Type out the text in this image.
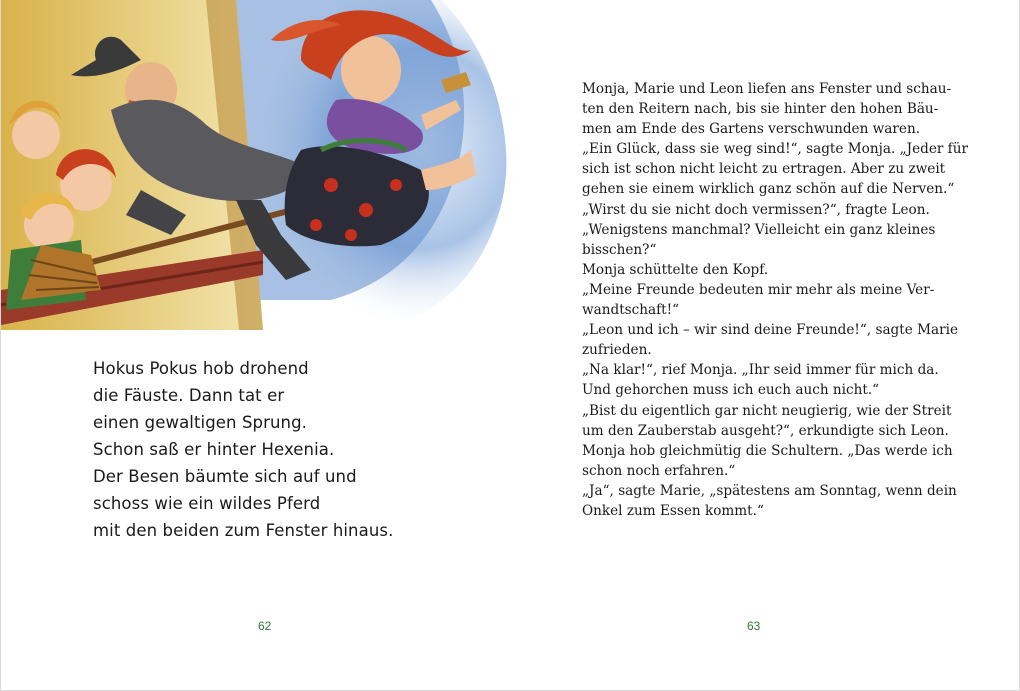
Hokus Pokus hob drohend
die Fäuste. Dann tat er
einen gewaltigen Sprung.
Schon saß er hinter Hexenia.
Der Besen bäumte sich auf und
schoss wie ein wildes Pferd
mit den beiden zum Fenster hinaus.
62	63
Monja, Marie und Leon liefen ans Fenster und schau-
ten den Reitern nach, bis sie hinter den hohen Bäu-
men am Ende des Gartens verschwunden waren.
„Ein Glück, dass sie weg sind!“, sagte Monja. „Jeder für
sich ist schon nicht leicht zu ertragen. Aber zu zweit
gehen sie einem wirklich ganz schön auf die Nerven.“
„Wirst du sie nicht doch vermissen?“, fragte Leon.
„Wenigstens manchmal? Vielleicht ein ganz kleines
bisschen?“
Monja schüttelte den Kopf.
„Meine Freunde bedeuten mir mehr als meine Ver-
wandtschaft!“
„Leon und ich – wir sind deine Freunde!“, sagte Marie
zufrieden.
„Na klar!“, rief Monja. „Ihr seid immer für mich da.
Und gehorchen muss ich euch auch nicht.“
„Bist du eigentlich gar nicht neugierig, wie der Streit
um den Zauberstab ausgeht?“, erkundigte sich Leon.
Monja hob gleichmütig die Schultern. „Das werde ich
schon noch erfahren.“
„Ja“, sagte Marie, „spätestens am Sonntag, wenn dein
Onkel zum Essen kommt.“
